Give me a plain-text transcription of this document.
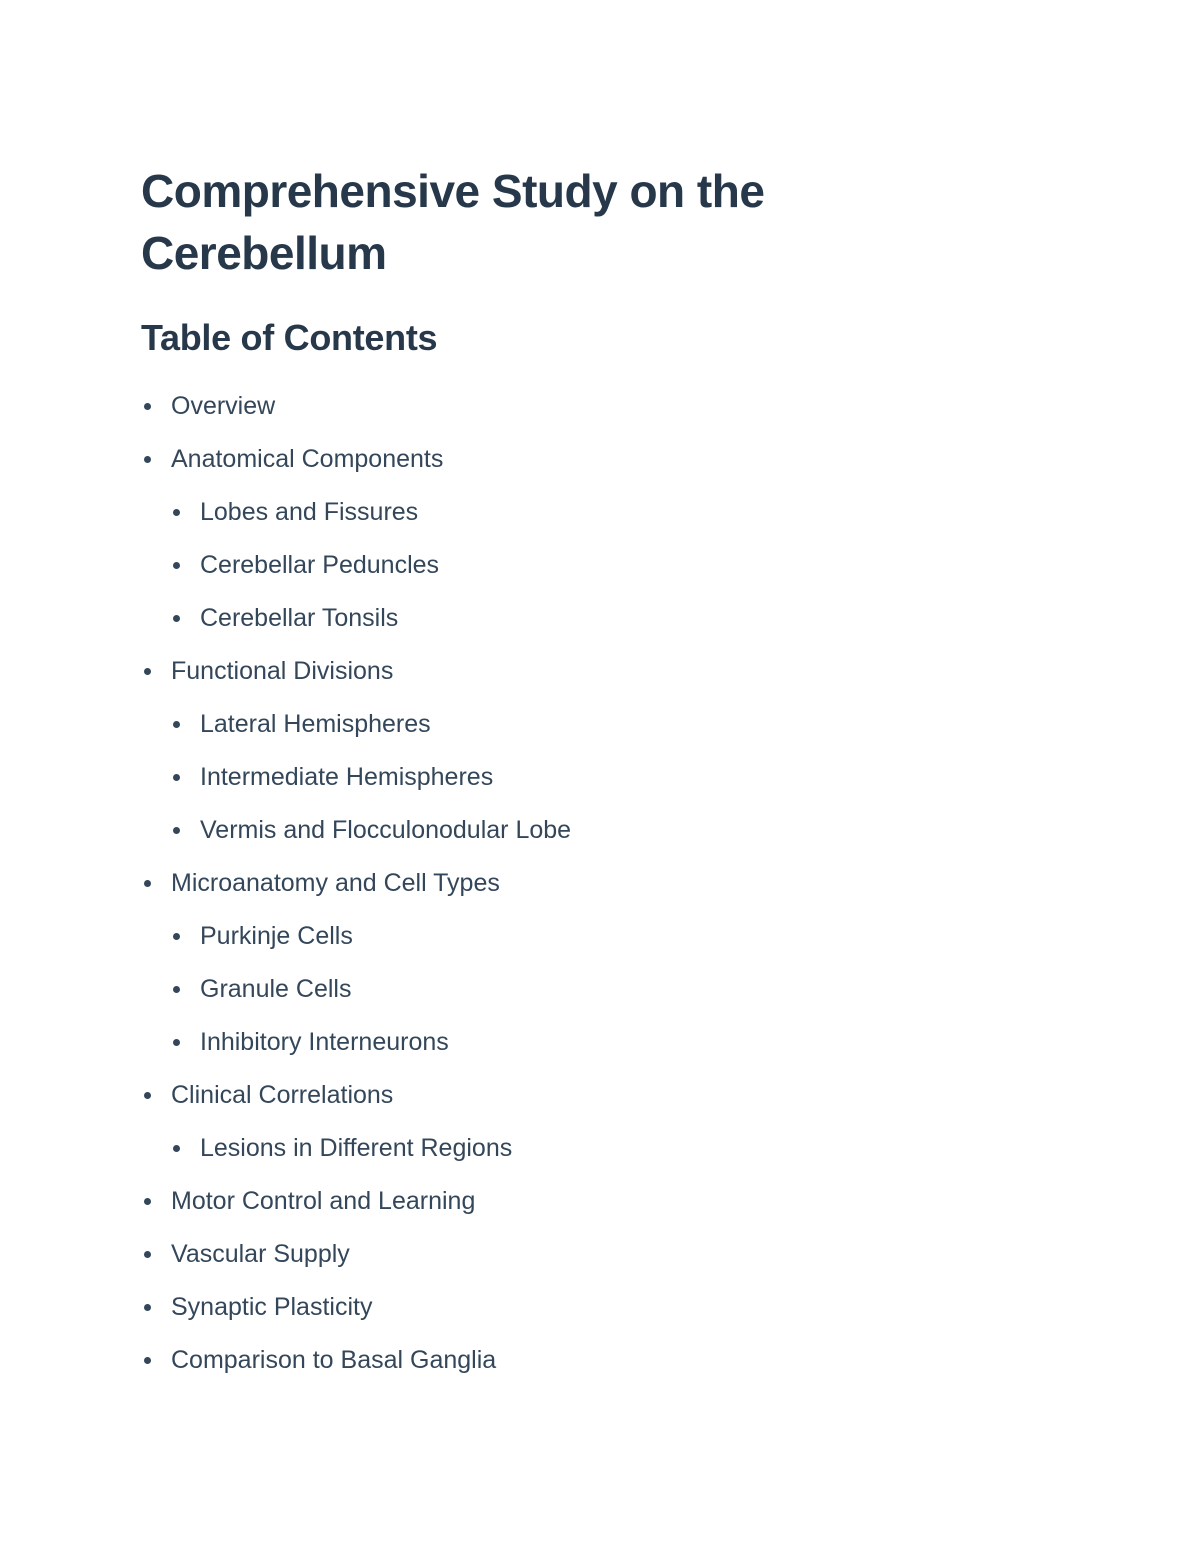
Comprehensive Study on the Cerebellum
Table of Contents
Overview
Anatomical Components
Lobes and Fissures
Cerebellar Peduncles
Cerebellar Tonsils
Functional Divisions
Lateral Hemispheres
Intermediate Hemispheres
Vermis and Flocculonodular Lobe
Microanatomy and Cell Types
Purkinje Cells
Granule Cells
Inhibitory Interneurons
Clinical Correlations
Lesions in Different Regions
Motor Control and Learning
Vascular Supply
Synaptic Plasticity
Comparison to Basal Ganglia
